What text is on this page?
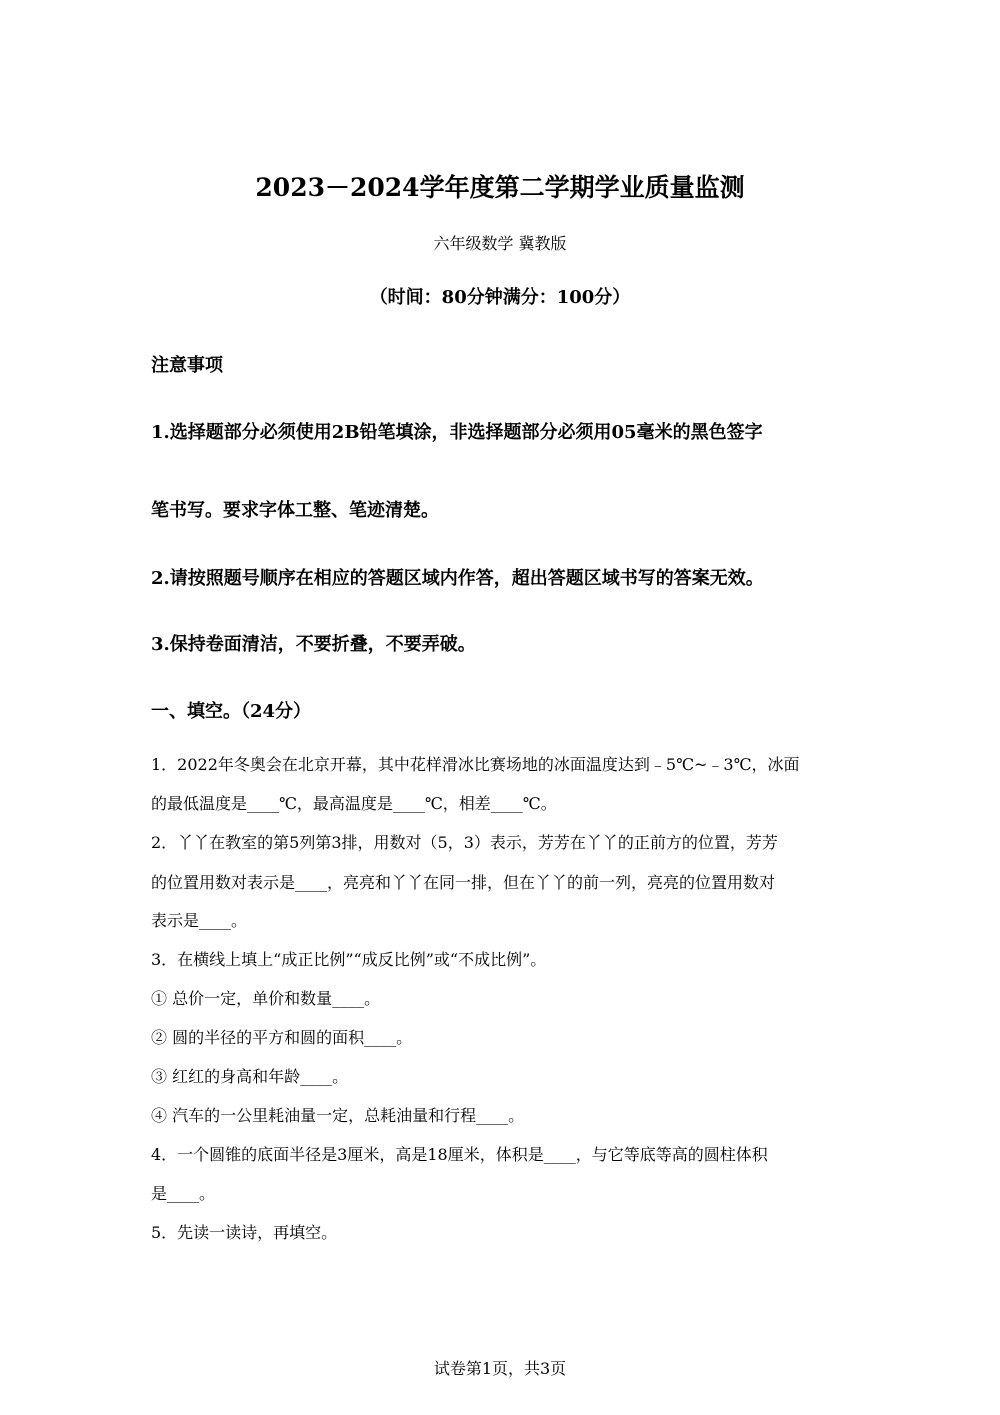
2023－2024学年度第二学期学业质量监测
六年级数学 冀教版
（时间：80分钟满分：100分）
注意事项
1.选择题部分必须使用2B铅笔填涂，非选择题部分必须用05毫米的黑色签字
笔书写。要求字体工整、笔迹清楚。
2.请按照题号顺序在相应的答题区域内作答，超出答题区域书写的答案无效。
3.保持卷面清洁，不要折叠，不要弄破。
一、填空。（24分）
1．2022年冬奥会在北京开幕，其中花样滑冰比赛场地的冰面温度达到﹣5℃~﹣3℃，冰面
的最低温度是____℃，最高温度是____℃，相差____℃。
2．丫丫在教室的第5列第3排，用数对（5，3）表示，芳芳在丫丫的正前方的位置，芳芳
的位置用数对表示是____，亮亮和丫丫在同一排，但在丫丫的前一列，亮亮的位置用数对
表示是____。
3．在横线上填上“成正比例”“成反比例”或“不成比例”。
① 总价一定，单价和数量____。
② 圆的半径的平方和圆的面积____。
③ 红红的身高和年龄____。
④ 汽车的一公里耗油量一定，总耗油量和行程____。
4．一个圆锥的底面半径是3厘米，高是18厘米，体积是____，与它等底等高的圆柱体积
是____。
5．先读一读诗，再填空。
试卷第1页，共3页
